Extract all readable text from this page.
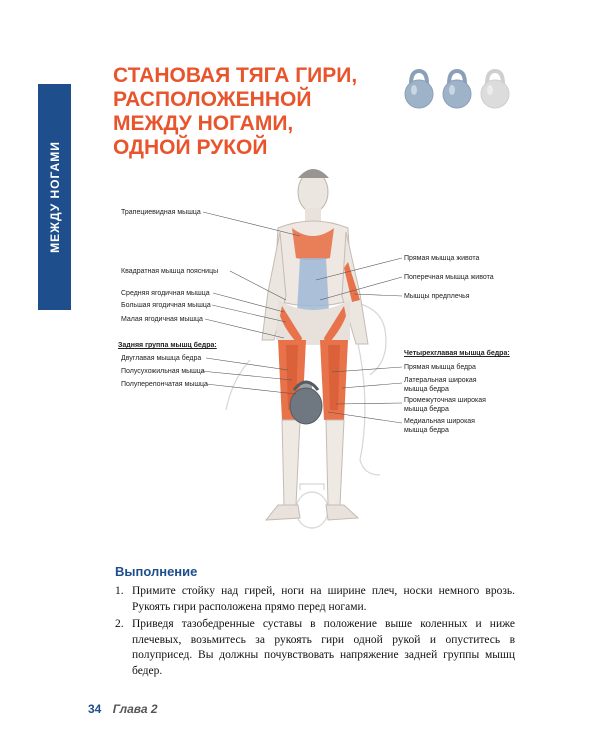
МЕЖДУ НОГАМИ
СТАНОВАЯ ТЯГА ГИРИ,
РАСПОЛОЖЕННОЙ
МЕЖДУ НОГАМИ,
ОДНОЙ РУКОЙ
Трапециевидная мышца
Квадратная мышца поясницы
Средняя ягодичная мышца
Большая ягодичная мышца
Малая ягодичная мышца
Задняя группа мышц бедра:
Двуглавая мышца бедра
Полусухожильная мышца
Полуперепончатая мышца
Прямая мышца живота
Поперечная мышца живота
Мышцы предплечья
Четырехглавая мышца бедра:
Прямая мышца бедра
Латеральная широкая
мышца бедра
Промежуточная широкая
мышца бедра
Медиальная широкая
мышца бедра
Выполнение
1. Примите стойку над гирей, ноги на ширине плеч, носки немного врозь. Рукоять гири расположена прямо перед ногами.
2. Приведя тазобедренные суставы в положение выше коленных и ниже плечевых, возьмитесь за рукоять гири одной рукой и опуститесь в полуприсед. Вы должны почувствовать напряжение задней группы мышц бедер.
34 Глава 2
